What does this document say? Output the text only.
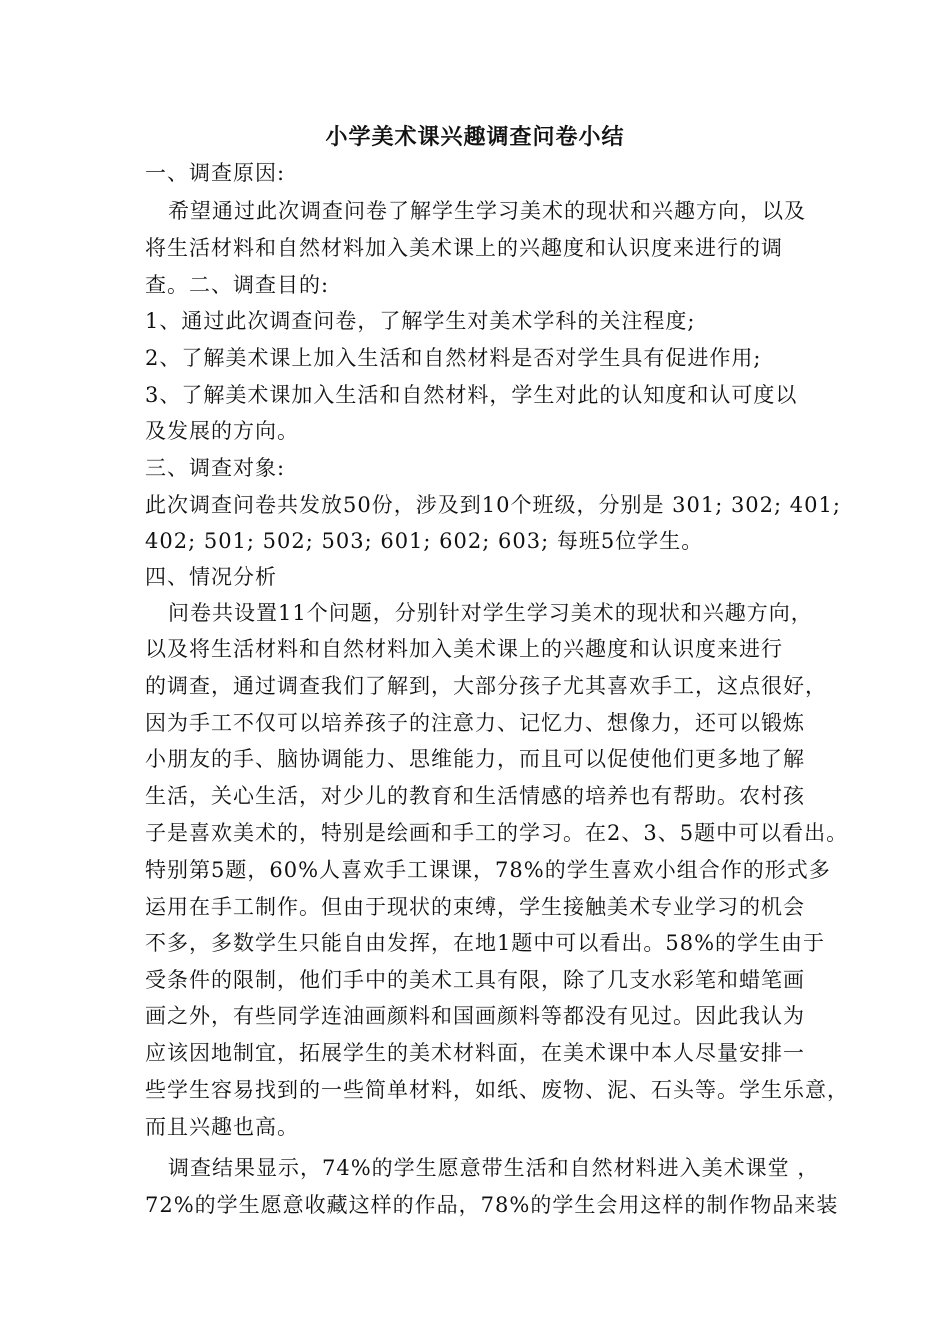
小学美术课兴趣调查问卷小结
一、调查原因:
希望通过此次调查问卷了解学生学习美术的现状和兴趣方向，以及
将生活材料和自然材料加入美术课上的兴趣度和认识度来进行的调
查。二、调查目的:
1、通过此次调查问卷，了解学生对美术学科的关注程度;
2、了解美术课上加入生活和自然材料是否对学生具有促进作用;
3、了解美术课加入生活和自然材料，学生对此的认知度和认可度以
及发展的方向。
三、调查对象:
此次调查问卷共发放50份，涉及到10个班级，分别是 301; 302; 401;
402; 501; 502; 503; 601; 602; 603; 每班5位学生。
四、情况分析
问卷共设置11个问题，分别针对学生学习美术的现状和兴趣方向，
以及将生活材料和自然材料加入美术课上的兴趣度和认识度来进行
的调查，通过调查我们了解到，大部分孩子尤其喜欢手工，这点很好，
因为手工不仅可以培养孩子的注意力、记忆力、想像力，还可以锻炼
小朋友的手、脑协调能力、思维能力，而且可以促使他们更多地了解
生活，关心生活，对少儿的教育和生活情感的培养也有帮助。农村孩
子是喜欢美术的，特别是绘画和手工的学习。在2、3、5题中可以看出。
特别第5题，60%人喜欢手工课课，78%的学生喜欢小组合作的形式多
运用在手工制作。但由于现状的束缚，学生接触美术专业学习的机会
不多，多数学生只能自由发挥，在地1题中可以看出。58%的学生由于
受条件的限制，他们手中的美术工具有限，除了几支水彩笔和蜡笔画
画之外，有些同学连油画颜料和国画颜料等都没有见过。因此我认为
应该因地制宜，拓展学生的美术材料面，在美术课中本人尽量安排一
些学生容易找到的一些简单材料，如纸、废物、泥、石头等。学生乐意，
而且兴趣也高。
调查结果显示，74%的学生愿意带生活和自然材料进入美术课堂 ，
72%的学生愿意收藏这样的作品，78%的学生会用这样的制作物品来装
